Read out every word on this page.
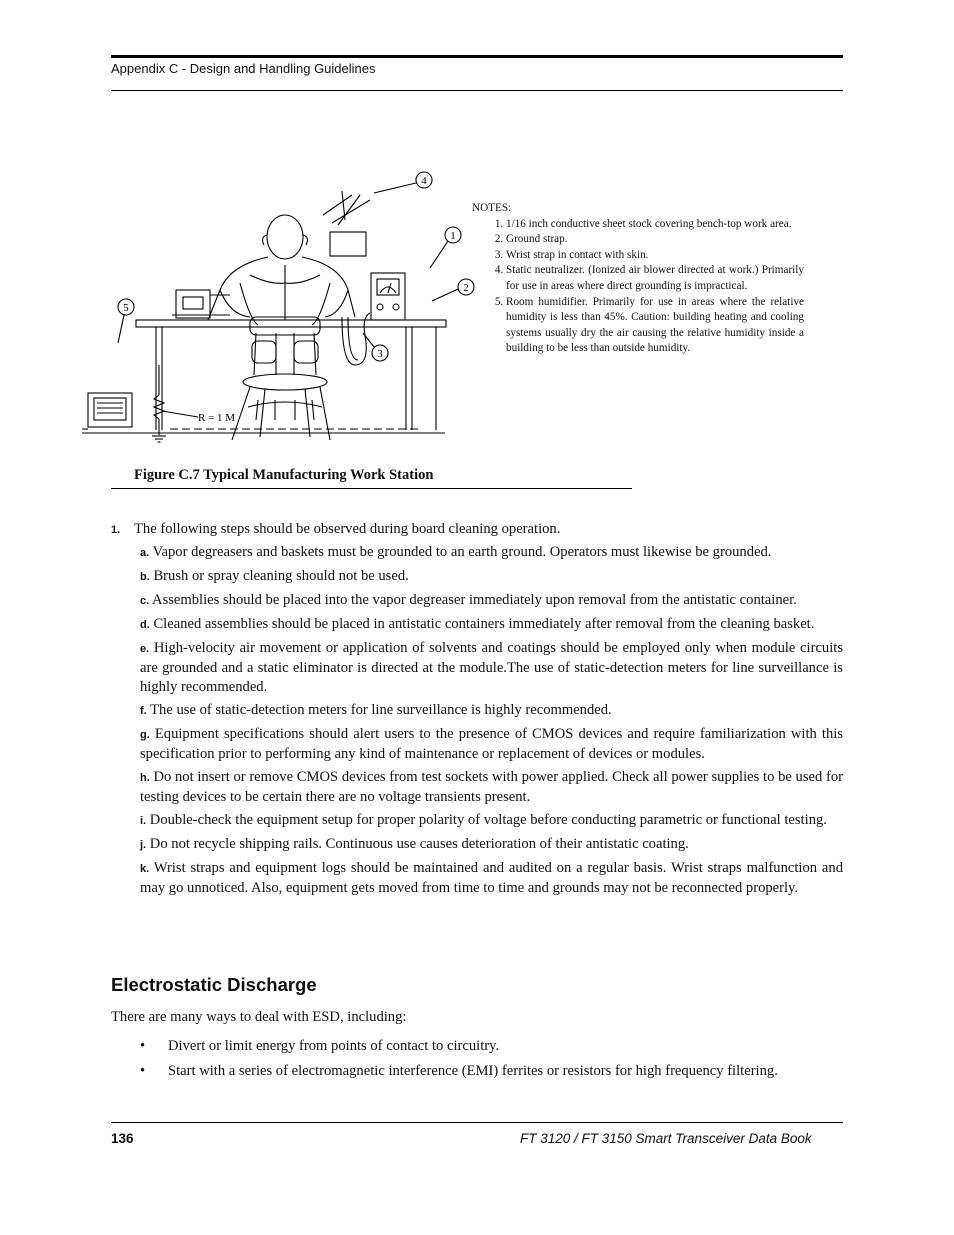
Appendix C - Design and Handling Guidelines
4
1
2
3
5
R = 1 M
NOTES:
1. 1/16 inch conductive sheet stock covering bench-top work area.
2. Ground strap.
3. Wrist strap in contact with skin.
4. Static neutralizer. (Ionized air blower directed at work.) Primarily for use in areas where direct grounding is impractical.
5. Room humidifier. Primarily for use in areas where the relative humidity is less than 45%. Caution: building heating and cooling systems usually dry the air causing the relative humidity inside a building to be less than outside humidity.
Figure C.7 Typical Manufacturing Work Station
1. The following steps should be observed during board cleaning operation.
a. Vapor degreasers and baskets must be grounded to an earth ground. Operators must likewise be grounded.
b. Brush or spray cleaning should not be used.
c. Assemblies should be placed into the vapor degreaser immediately upon removal from the antistatic container.
d. Cleaned assemblies should be placed in antistatic containers immediately after removal from the cleaning basket.
e. High-velocity air movement or application of solvents and coatings should be employed only when module circuits are grounded and a static eliminator is directed at the module.The use of static-detection meters for line surveillance is highly recommended.
f. The use of static-detection meters for line surveillance is highly recommended.
g. Equipment specifications should alert users to the presence of CMOS devices and require familiarization with this specification prior to performing any kind of maintenance or replacement of devices or modules.
h. Do not insert or remove CMOS devices from test sockets with power applied. Check all power supplies to be used for testing devices to be certain there are no voltage transients present.
i. Double-check the equipment setup for proper polarity of voltage before conducting parametric or functional testing.
j. Do not recycle shipping rails. Continuous use causes deterioration of their antistatic coating.
k. Wrist straps and equipment logs should be maintained and audited on a regular basis. Wrist straps malfunction and may go unnoticed. Also, equipment gets moved from time to time and grounds may not be reconnected properly.
Electrostatic Discharge
There are many ways to deal with ESD, including:
• Divert or limit energy from points of contact to circuitry.
• Start with a series of electromagnetic interference (EMI) ferrites or resistors for high frequency filtering.
136	FT 3120 / FT 3150 Smart Transceiver Data Book
